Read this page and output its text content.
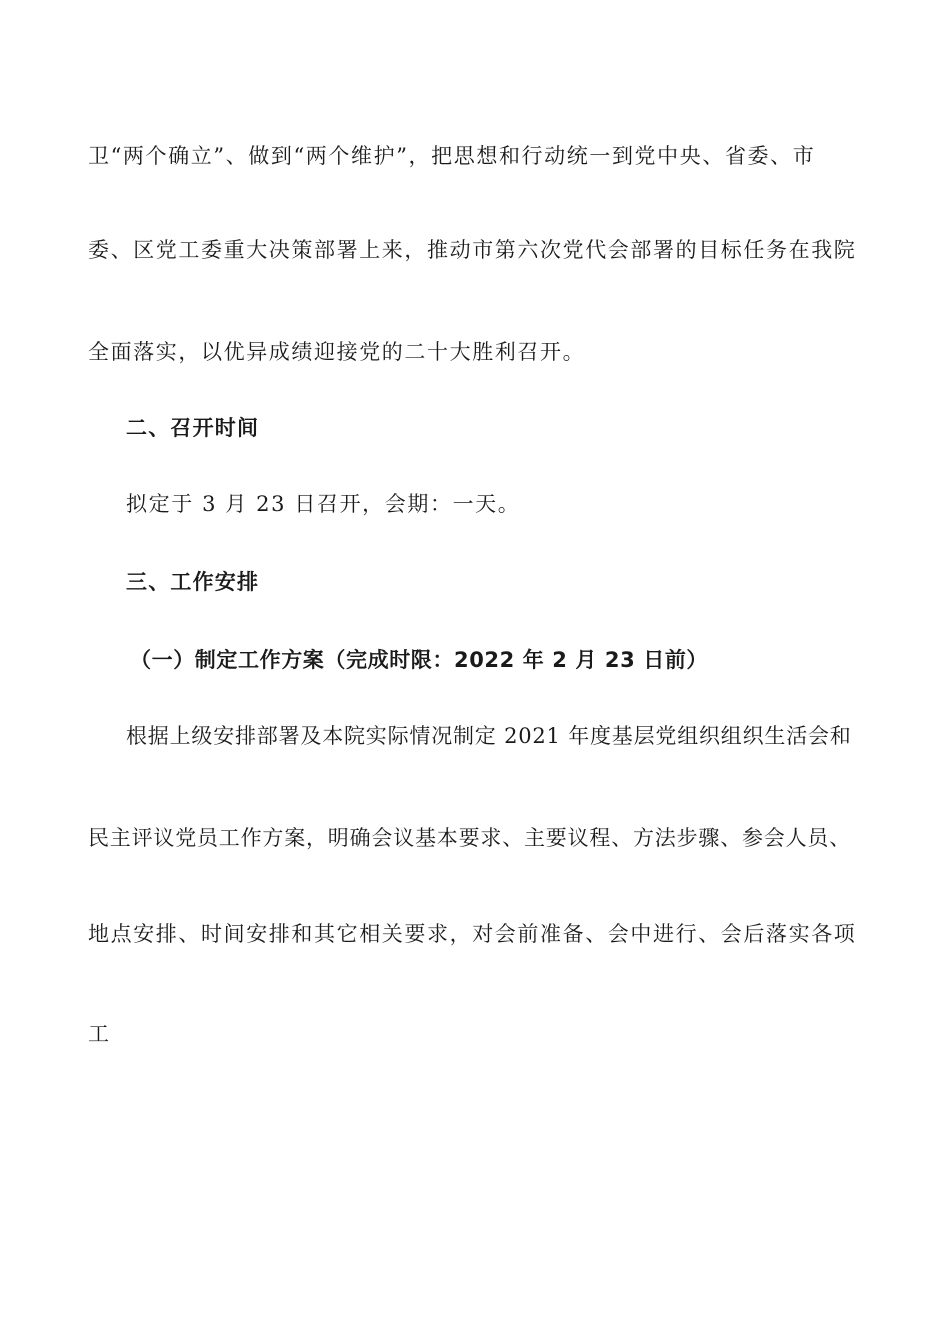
卫“两个确立”、做到“两个维护”，把思想和行动统一到党中央、省委、市
委、区党工委重大决策部署上来，推动市第六次党代会部署的目标任务在我院
全面落实，以优异成绩迎接党的二十大胜利召开。
二、召开时间
拟定于 3 月 23 日召开，会期：一天。
三、工作安排
（一）制定工作方案（完成时限：2022 年 2 月 23 日前）
根据上级安排部署及本院实际情况制定 2021 年度基层党组织组织生活会和
民主评议党员工作方案，明确会议基本要求、主要议程、方法步骤、参会人员、
地点安排、时间安排和其它相关要求，对会前准备、会中进行、会后落实各项
工
